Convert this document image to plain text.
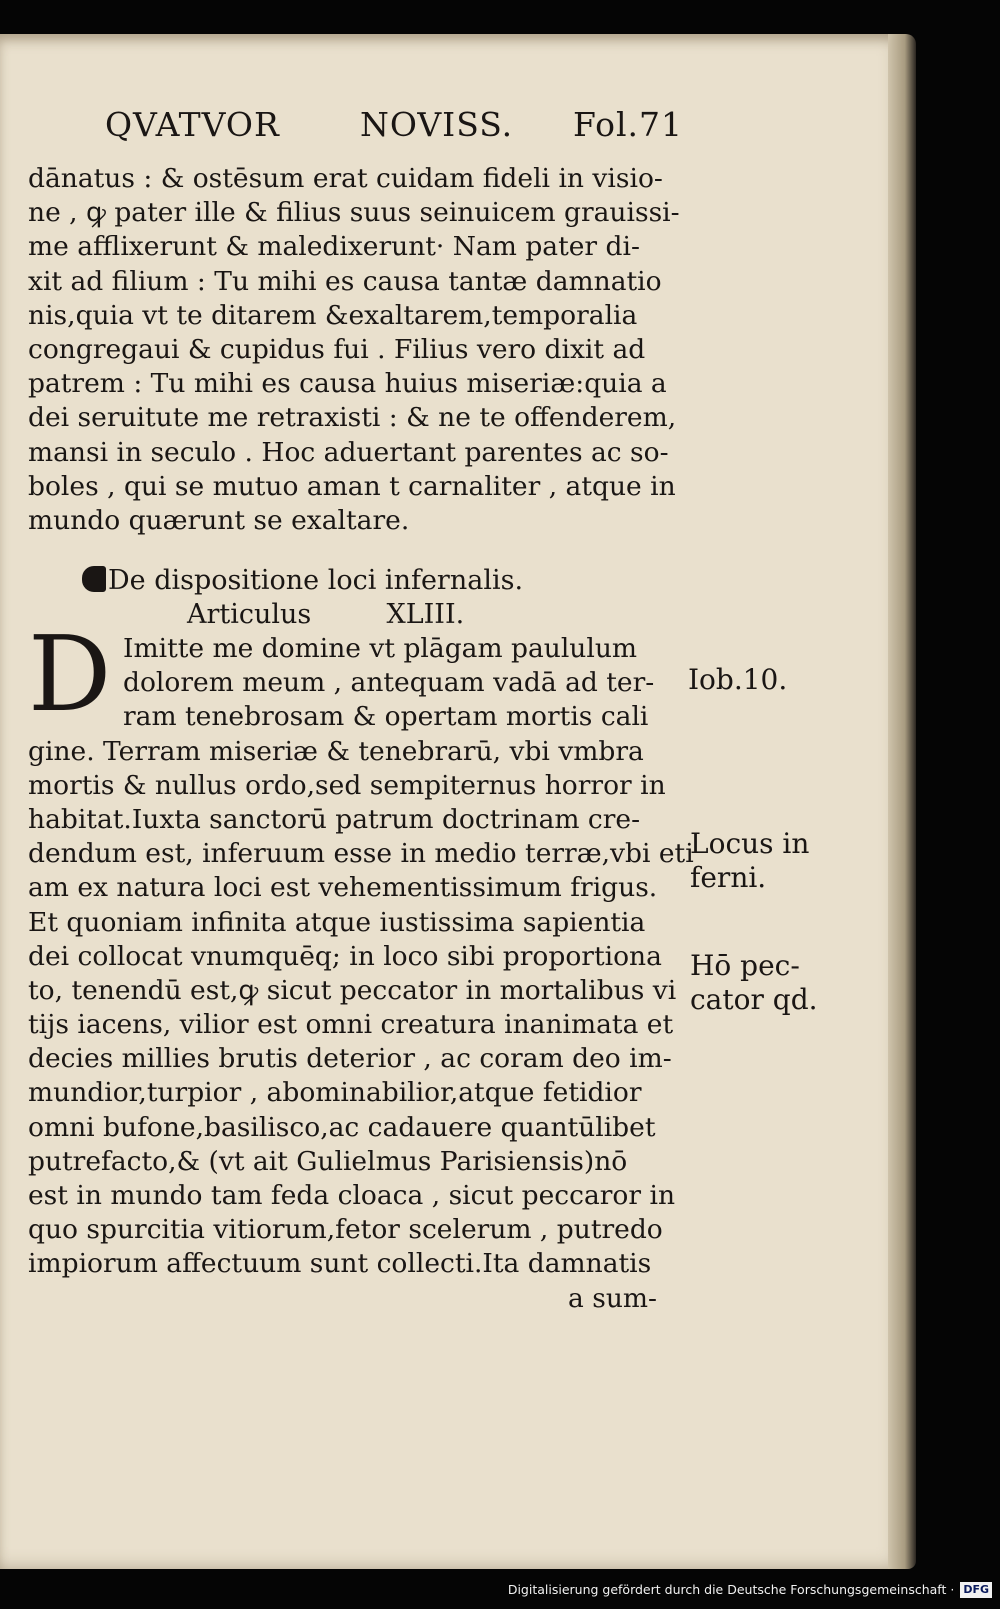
QVATVOR NOVISS. Fol.71
dānatus : & ostēsum erat cuidam fideli in visio-
ne , ꝙ pater ille & filius suus seinuicem grauissi-
me afflixerunt & maledixerunt· Nam pater di-
xit ad filium : Tu mihi es causa tantæ damnatio
nis,quia vt te ditarem &exaltarem,temporalia
congregaui & cupidus fui . Filius vero dixit ad
patrem : Tu mihi es causa huius miseriæ:quia a
dei seruitute me retraxisti : & ne te offenderem,
mansi in seculo . Hoc aduertant parentes ac so-
boles , qui se mutuo aman t carnaliter , atque in
mundo quærunt se exaltare.
De dispositione loci infernalis.
Articulus	XLIII.
D Imitte me domine vt plāgam paululum
dolorem meum , antequam vadā ad ter-
ram tenebrosam & opertam mortis cali
gine. Terram miseriæ & tenebrarū, vbi vmbra
mortis & nullus ordo,sed sempiternus horror in
habitat.Iuxta sanctorū patrum doctrinam cre-
dendum est, inferuum esse in medio terræ,vbi eti
am ex natura loci est vehementissimum frigus.
Et quoniam infinita atque iustissima sapientia
dei collocat vnumquēq; in loco sibi proportiona
to, tenendū est,ꝙ sicut peccator in mortalibus vi
tijs iacens, vilior est omni creatura inanimata et
decies millies brutis deterior , ac coram deo im-
mundior,turpior , abominabilior,atque fetidior
omni bufone,basilisco,ac cadauere quantūlibet
putrefacto,& (vt ait Gulielmus Parisiensis)nō
est in mundo tam feda cloaca , sicut peccaror in
quo spurcitia vitiorum,fetor scelerum , putredo
impiorum affectuum sunt collecti.Ita damnatis
a sum-
Iob.10.
Locus in
ferni.
Hō pec-
cator qd.
Digitalisierung gefördert durch die Deutsche Forschungsgemeinschaft · DFG
